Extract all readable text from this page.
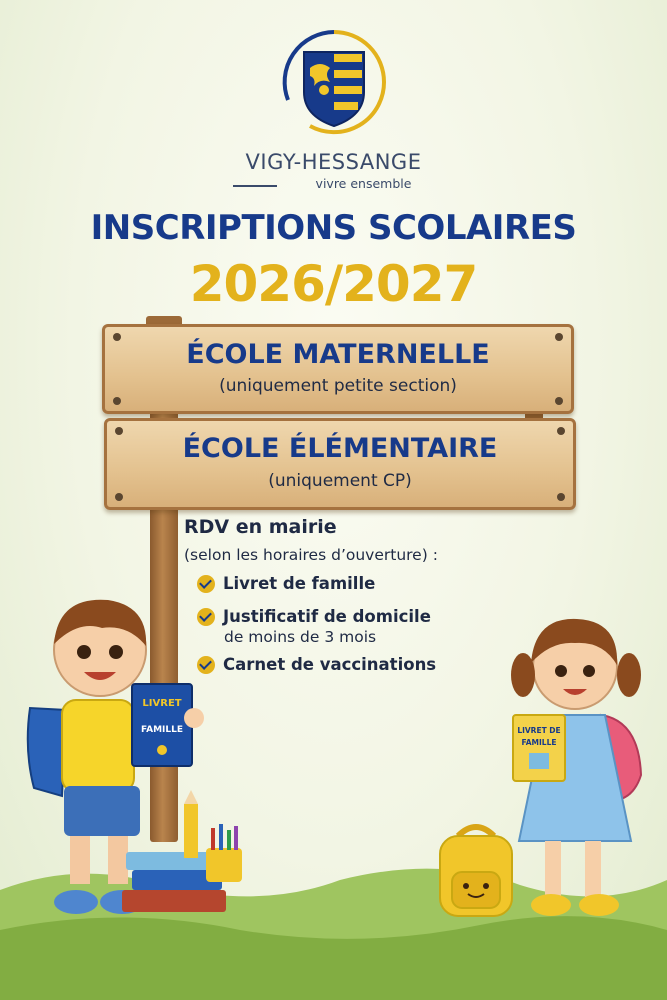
VIGY-HESSANGE
vivre ensemble
INSCRIPTIONS SCOLAIRES
2026/2027
ÉCOLE MATERNELLE
(uniquement petite section)
ÉCOLE ÉLÉMENTAIRE
(uniquement CP)
RDV en mairie
(selon les horaires d’ouverture) :
Livret de famille
Justificatif de domicile
de moins de 3 mois
Carnet de vaccinations
LIVRET
FAMILLE	LIVRET DE
FAMILLE
